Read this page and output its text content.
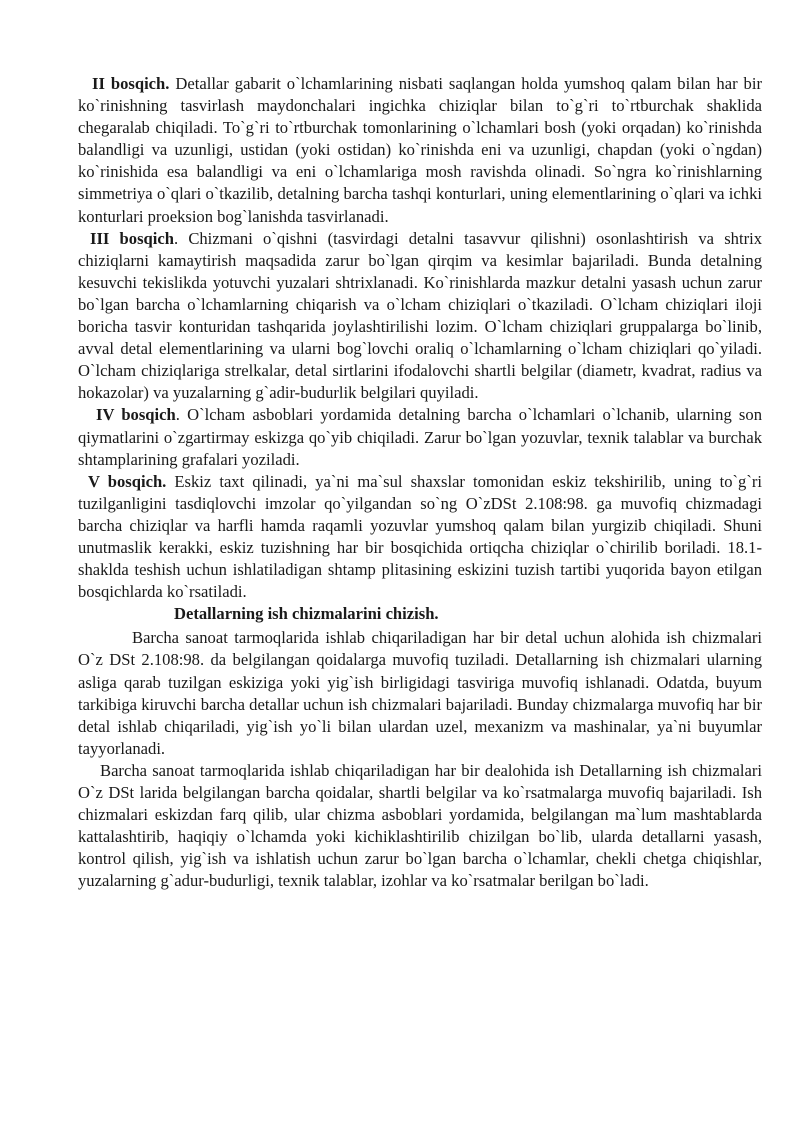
II bosqich. Detallar gabarit o`lchamlarining nisbati saqlangan holda yumshoq qalam bilan har bir ko`rinishning tasvirlash maydonchalari ingichka chiziqlar bilan to`g`ri to`rtburchak shaklida chegaralab chiqiladi. To`g`ri to`rtburchak tomonlarining o`lchamlari bosh (yoki orqadan) ko`rinishda balandligi va uzunligi, ustidan (yoki ostidan) ko`rinishda eni va uzunligi, chapdan (yoki o`ngdan) ko`rinishida esa balandligi va eni o`lchamlariga mosh ravishda olinadi. So`ngra ko`rinishlarning simmetriya o`qlari o`tkazilib, detalning barcha tashqi konturlari, uning elementlarining o`qlari va ichki konturlari proeksion bog`lanishda tasvirlanadi.

III bosqich. Chizmani o`qishni (tasvirdagi detalni tasavvur qilishni) osonlashtirish va shtrix chiziqlarni kamaytirish maqsadida zarur bo`lgan qirqim va kesimlar bajariladi. Bunda detalning kesuvchi tekislikda yotuvchi yuzalari shtrixlanadi. Ko`rinishlarda mazkur detalni yasash uchun zarur bo`lgan barcha o`lchamlarning chiqarish va o`lcham chiziqlari o`tkaziladi. O`lcham chiziqlari iloji boricha tasvir konturidan tashqarida joylashtirilishi lozim. O`lcham chiziqlari gruppalarga bo`linib, avval detal elementlarining va ularni bog`lovchi oraliq o`lchamlarning o`lcham chiziqlari qo`yiladi. O`lcham chiziqlariga strelkalar, detal sirtlarini ifodalovchi shartli belgilar (diametr, kvadrat, radius va hokazolar) va yuzalarning g`adir-budurlik belgilari quyiladi.

IV bosqich. O`lcham asboblari yordamida detalning barcha o`lchamlari o`lchanib, ularning son qiymatlarini o`zgartirmay eskizga qo`yib chiqiladi. Zarur bo`lgan yozuvlar, texnik talablar va burchak shtamplarining grafalari yoziladi.

V bosqich. Eskiz taxt qilinadi, ya`ni ma`sul shaxslar tomonidan eskiz tekshirilib, uning to`g`ri tuzilganligini tasdiqlovchi imzolar qo`yilgandan so`ng O`zDSt 2.108:98. ga muvofiq chizmadagi barcha chiziqlar va harfli hamda raqamli yozuvlar yumshoq qalam bilan yurgizib chiqiladi. Shuni unutmaslik kerakki, eskiz tuzishning har bir bosqichida ortiqcha chiziqlar o`chirilib boriladi. 18.1-shaklda teshish uchun ishlatiladigan shtamp plitasining eskizini tuzish tartibi yuqorida bayon etilgan bosqichlarda ko`rsatiladi.

Detallarning ish chizmalarini chizish.

Barcha sanoat tarmoqlarida ishlab chiqariladigan har bir detal uchun alohida ish chizmalari O`z DSt 2.108:98. da belgilangan qoidalarga muvofiq tuziladi. Detallarning ish chizmalari ularning asliga qarab tuzilgan eskiziga yoki yig`ish birligidagi tasviriga muvofiq ishlanadi. Odatda, buyum tarkibiga kiruvchi barcha detallar uchun ish chizmalari bajariladi. Bunday chizmalarga muvofiq har bir detal ishlab chiqariladi, yig`ish yo`li bilan ulardan uzel, mexanizm va mashinalar, ya`ni buyumlar tayyorlanadi.

Barcha sanoat tarmoqlarida ishlab chiqariladigan har bir dealohida ish Detallarning ish chizmalari O`z DSt larida belgilangan barcha qoidalar, shartli belgilar va ko`rsatmalarga muvofiq bajariladi. Ish chizmalari eskizdan farq qilib, ular chizma asboblari yordamida, belgilangan ma`lum mashtablarda kattalashtirib, haqiqiy o`lchamda yoki kichiklashtirilib chizilgan bo`lib, ularda detallarni yasash, kontrol qilish, yig`ish va ishlatish uchun zarur bo`lgan barcha o`lchamlar, chekli chetga chiqishlar, yuzalarning g`adur-budurligi, texnik talablar, izohlar va ko`rsatmalar berilgan bo`ladi.
